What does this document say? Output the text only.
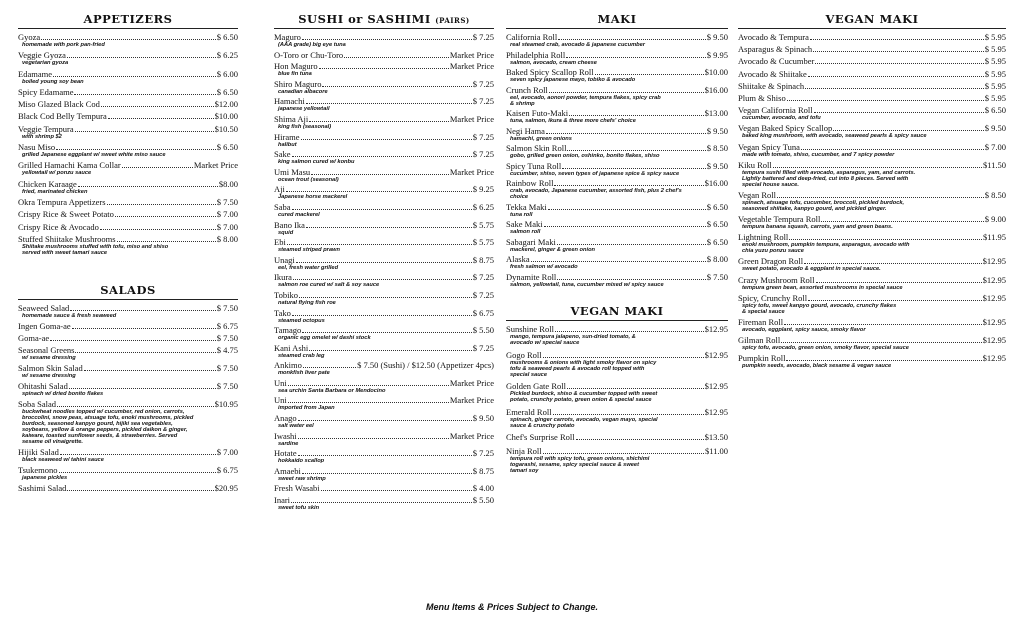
APPETIZERS
Gyoza	$ 6.50
homemade with pork pan-fried
Veggie Gyoza	$ 6.25
vegetarian gyoza
Edamame	$ 6.00
boiled young soy bean
Spicy Edamame	$ 6.50
Miso Glazed Black Cod	$12.00
Black Cod Belly Tempura	$10.00
Veggie Tempura	$10.50
with shrimp $2
Nasu Miso	$ 6.50
grilled Japanese eggplant w/ sweet white miso sauce
Grilled Hamachi Kama Collar	Market Price
yellowtail w/ ponzu sauce
Chicken Karaage	$8.00
fried, marinated chicken
Okra Tempura Appetizers	$ 7.50
Crispy Rice & Sweet Potato	$ 7.00
Crispy Rice & Avocado	$ 7.00
Stuffed Shiitake Mushrooms	$ 8.00
Shiitake mushrooms stuffed with tofu, miso and shiso
served with sweet tamari sauce
SALADS
Seaweed Salad	$ 7.50
homemade sauce & fresh seaweed
Ingen Goma-ae	$ 6.75
Goma-ae	$ 7.50
Seasonal Greens	$ 4.75
w/ sesame dressing
Salmon Skin Salad	$ 7.50
w/ sesame dressing
Ohitashi Salad	$ 7.50
spinach w/ dried bonito flakes
Soba Salad	$10.95
buckwheat noodles topped w/ cucumber, red onion, carrots,
broccolini, snow peas, atsuage tofu, enoki mushrooms, pickled
burdock, seasoned kanpyo gourd, hijiki sea vegetables,
soybeans, yellow & orange peppers, pickled daikon & ginger,
kaiware, toasted sunflower seeds, & strawberries. Served
sesame oil vinaigrette.
Hijiki Salad	$ 7.00
black seaweed w/ tahini sauce
Tsukemono	$ 6.75
japanese pickles
Sashimi Salad	$20.95
SUSHI or SASHIMI (PAIRS)
Maguro	$ 7.25
(AAA grade) big eye tuna
O-Toro or Chu-Toro	Market Price
Hon Maguro	Market Price
blue fin tuna
Shiro Maguro	$ 7.25
canadian albacore
Hamachi	$ 7.25
japanese yellowtail
Shima Aji	Market Price
king fish (seasonal)
Hirame	$ 7.25
halibut
Sake	$ 7.25
king salmon cured w/ konbu
Umi Masu	Market Price
ocean trout (seasonal)
Aji	$ 9.25
Japanese horse mackerel
Saba	$ 6.25
cured mackerel
Bano Ika	$ 5.75
squid
Ebi	$ 5.75
steamed striped prawn
Unagi	$ 8.75
eel, fresh water grilled
Ikura	$ 7.25
salmon roe cured w/ salt & soy sauce
Tobiko	$ 7.25
natural flying fish roe
Tako	$ 6.75
steamed octopus
Tamago	$ 5.50
organic egg omelet w/ dashi stock
Kani Ashi	$ 7.25
steamed crab leg
Ankimo	$ 7.50 (Sushi) / $12.50 (Appetizer 4pcs)
monkfish liver pate
Uni	Market Price
sea urchin Santa Barbara or Mendocino
Uni	Market Price
imported from Japan
Anago	$ 9.50
salt water eel
Iwashi	Market Price
sardine
Hotate	$ 7.25
hokkaido scallop
Amaebi	$ 8.75
sweet raw shrimp
Fresh Wasabi	$ 4.00
Inari	$ 5.50
sweet tofu skin
MAKI
California Roll	$ 9.50
real steamed crab, avocado & japanese cucumber
Philadelphia Roll	$ 9.95
salmon, avocado, cream cheese
Baked Spicy Scallop Roll	$10.00
seven spicy japanese mayo, tobiko & avocado
Crunch Roll	$16.00
eel, avocado, aonori powder, tempura flakes, spicy crab
& shrimp
Kaisen Futo-Maki	$13.00
tuna, salmon, ikura & three more chefs' choice
Negi Hama	$ 9.50
hamachi, green onions
Salmon Skin Roll	$ 8.50
gobo, grilled green onion, oshinko, bonito flakes, shiso
Spicy Tuna Roll	$ 9.50
cucumber, shiso, seven types of japanese spice & spicy sauce
Rainbow Roll	$16.00
crab, avocado, Japanese cucumber, assorted fish, plus 2 chef's
choice
Tekka Maki	$ 6.50
tuna roll
Sake Maki	$ 6.50
salmon roll
Sabagari Maki	$ 6.50
mackerel, ginger & green onion
Alaska	$ 8.00
fresh salmon w/ avocado
Dynamite Roll	$ 7.50
salmon, yellowtail, tuna, cucumber mixed w/ spicy sauce
VEGAN MAKI
Sunshine Roll	$12.95
mango, tempura jalapeno, sun-dried tomato, &
avocado w/ special sauce
Gogo Roll	$12.95
mushrooms & onions with light smoky flavor on spicy
tofu & seaweed pearls & avocado roll topped with
special sauce
Golden Gate Roll	$12.95
Pickled burdock, shiso & cucumber topped with sweet
potato, crunchy potato, green onion & special sauce
Emerald Roll	$12.95
spinach, ginger carrots, avocado, vegan mayo, special
sauce & crunchy potato
Chef's Surprise Roll	$13.50
Ninja Roll	$11.00
tempura roll with spicy tofu, green onions, shichimi
togarashi, sesame, spicy special sauce & sweet
tamari soy
VEGAN MAKI
Avocado & Tempura	$ 5.95
Asparagus & Spinach	$ 5.95
Avocado & Cucumber	$ 5.95
Avocado & Shiitake	$ 5.95
Shiitake & Spinach	$ 5.95
Plum & Shiso	$ 5.95
Vegan California Roll	$ 6.50
cucumber, avocado, and tofu
Vegan Baked Spicy Scallop	$ 9.50
baked king mushroom, with avocado, seaweed pearls & spicy sauce
Vegan Spicy Tuna	$ 7.00
made with tomato, shiso, cucumber, and 7 spicy powder
Kiku Roll	$11.50
tempura sushi filled with avocado, asparagus, yam, and carrots.
Lightly battered and deep-fried, cut into 8 pieces. Served with
special house sauce.
Vegan Roll	$ 8.50
spinach, atsuage tofu, cucumber, broccoli, pickled burdock,
seasoned shiitake, kanpyo gourd, and pickled ginger.
Vegetable Tempura Roll	$ 9.00
tempura banana squash, carrots, yam and green beans.
Lightning Roll	$11.95
enoki mushroom, pumpkin tempura, asparagus, avocado with
chia yuzu ponzu sauce
Green Dragon Roll	$12.95
sweet potato, avocado & eggplant in special sauce.
Crazy Mushroom Roll	$12.95
tempura green bean, assorted mushrooms in special sauce
Spicy, Crunchy Roll	$12.95
spicy tofu, sweet kanpyo gourd, avocado, crunchy flakes
& special sauce
Fireman Roll	$12.95
avocado, eggplant, spicy sauce, smoky flavor
Gilman Roll	$12.95
spicy tofu, avocado, green onion, smoky flavor, special sauce
Pumpkin Roll	$12.95
pumpkin seeds, avocado, black sesame & vegan sauce
Menu Items & Prices Subject to Change.
